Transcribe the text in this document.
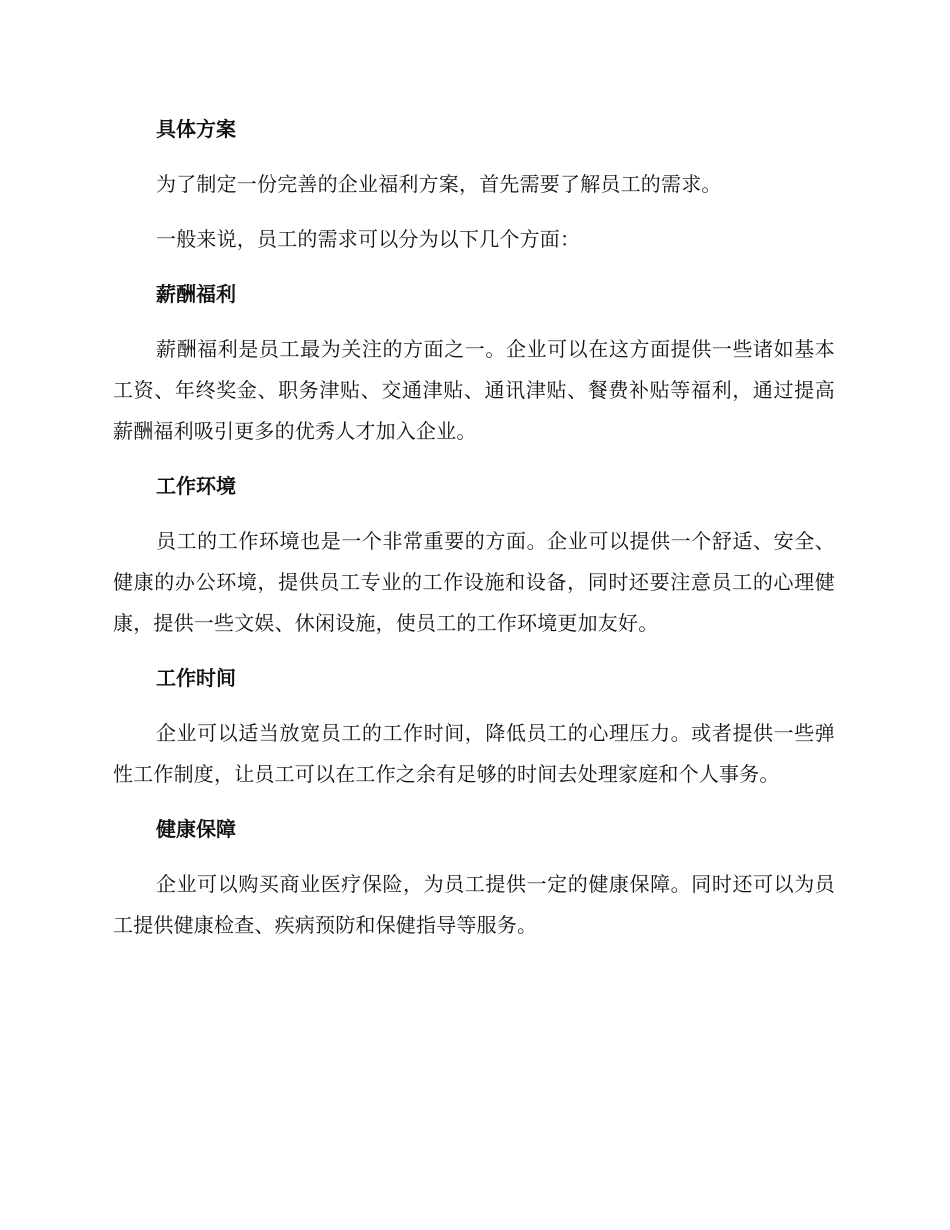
具体方案

为了制定一份完善的企业福利方案，首先需要了解员工的需求。

一般来说，员工的需求可以分为以下几个方面：

薪酬福利

薪酬福利是员工最为关注的方面之一。企业可以在这方面提供一些诸如基本工资、年终奖金、职务津贴、交通津贴、通讯津贴、餐费补贴等福利，通过提高薪酬福利吸引更多的优秀人才加入企业。

工作环境

员工的工作环境也是一个非常重要的方面。企业可以提供一个舒适、安全、健康的办公环境，提供员工专业的工作设施和设备，同时还要注意员工的心理健康，提供一些文娱、休闲设施，使员工的工作环境更加友好。

工作时间

企业可以适当放宽员工的工作时间，降低员工的心理压力。或者提供一些弹性工作制度，让员工可以在工作之余有足够的时间去处理家庭和个人事务。

健康保障

企业可以购买商业医疗保险，为员工提供一定的健康保障。同时还可以为员工提供健康检查、疾病预防和保健指导等服务。
